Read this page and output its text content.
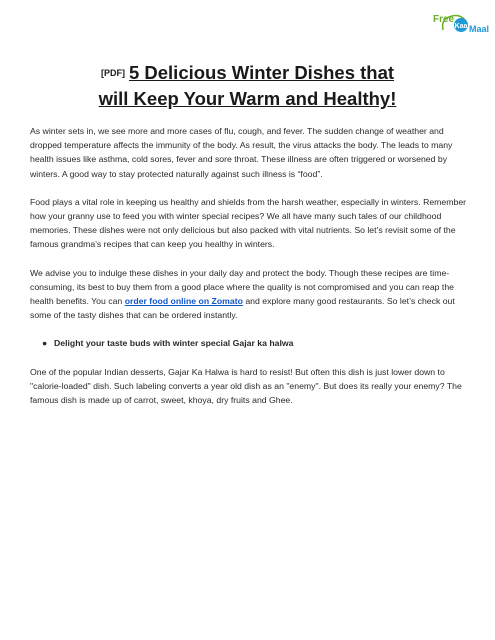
Free
Kaa Maal
[PDF] 5 Delicious Winter Dishes that
will Keep Your Warm and Healthy!

As winter sets in, we see more and more cases of flu, cough, and fever. The sudden change of weather and dropped temperature affects the immunity of the body. As result, the virus attacks the body. The leads to many health issues like asthma, cold sores, fever and sore throat. These illness are often triggered or worsened by winters. A good way to stay protected naturally against such illness is “food”.

Food plays a vital role in keeping us healthy and shields from the harsh weather, especially in winters. Remember how your granny use to feed you with winter special recipes? We all have many such tales of our childhood memories. These dishes were not only delicious but also packed with vital nutrients. So let’s revisit some of the famous grandma's recipes that can keep you healthy in winters.

We advise you to indulge these dishes in your daily day and protect the body. Though these recipes are time-consuming, its best to buy them from a good place where the quality is not compromised and you can reap the health benefits. You can order food online on Zomato and explore many good restaurants. So let’s check out some of the tasty dishes that can be ordered instantly.

● Delight your taste buds with winter special Gajar ka halwa

One of the popular Indian desserts, Gajar Ka Halwa is hard to resist! But often this dish is just lower down to "calorie-loaded" dish. Such labeling converts a year old dish as an "enemy". But does its really your enemy? The famous dish is made up of carrot, sweet, khoya, dry fruits and Ghee.
